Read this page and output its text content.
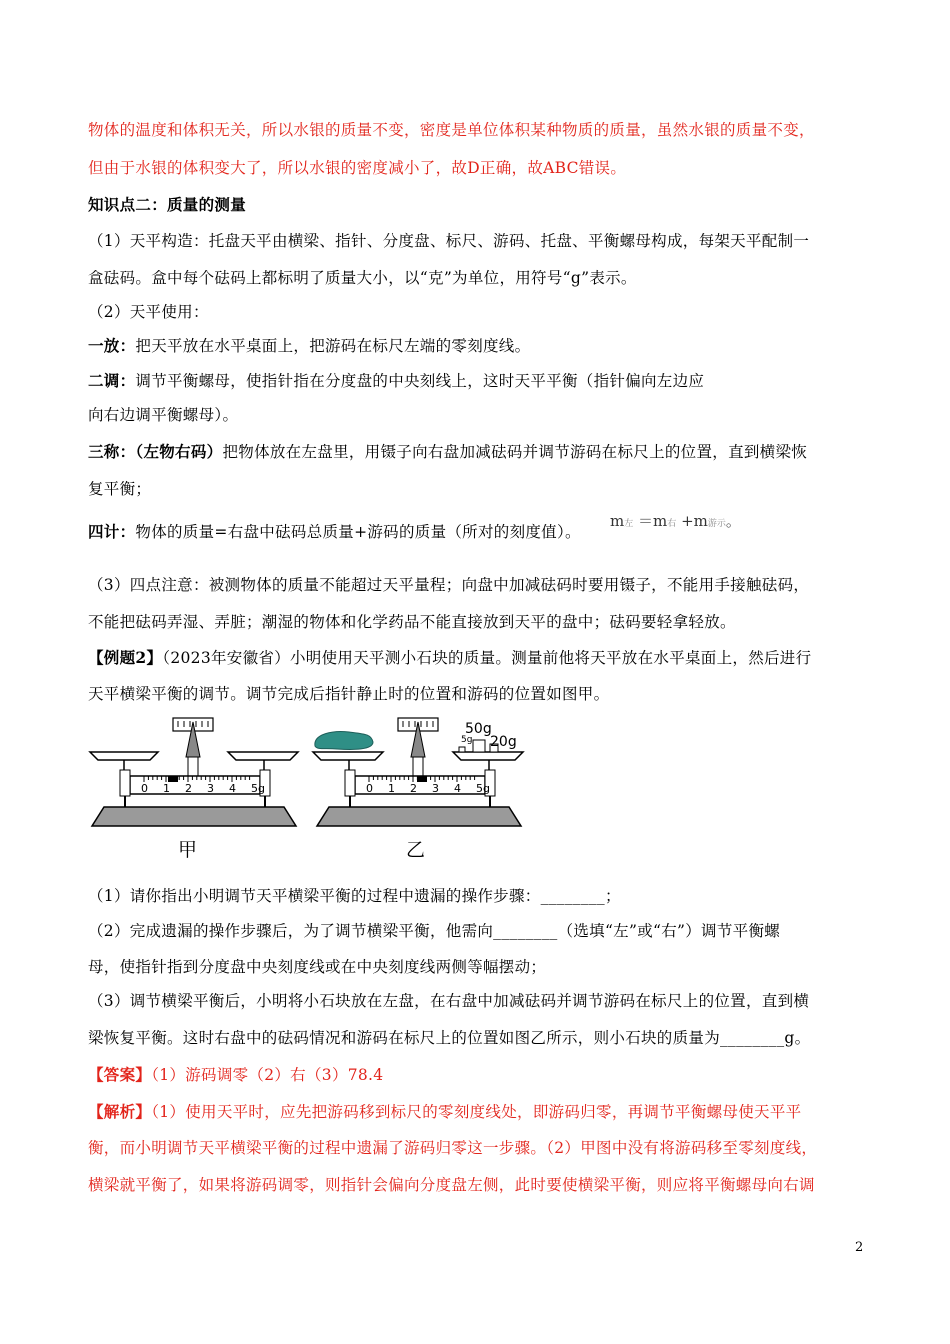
物体的温度和体积无关，所以水银的质量不变，密度是单位体积某种物质的质量，虽然水银的质量不变，
但由于水银的体积变大了，所以水银的密度减小了，故D正确，故ABC错误。
知识点二：质量的测量
（1）天平构造：托盘天平由横梁、指针、分度盘、标尺、游码、托盘、平衡螺母构成，每架天平配制一
盒砝码。盒中每个砝码上都标明了质量大小，以“克”为单位，用符号“g”表示。
（2）天平使用：
一放：把天平放在水平桌面上，把游码在标尺左端的零刻度线。
二调：调节平衡螺母，使指针指在分度盘的中央刻线上，这时天平平衡（指针偏向左边应
向右边调平衡螺母）。
三称：（左物右码）把物体放在左盘里，用镊子向右盘加减砝码并调节游码在标尺上的位置，直到横梁恢
复平衡；
四计：物体的质量=右盘中砝码总质量+游码的质量（所对的刻度值）。
m左 ＝m右 +m游示。
（3）四点注意：被测物体的质量不能超过天平量程；向盘中加减砝码时要用镊子，不能用手接触砝码，
不能把砝码弄湿、弄脏；潮湿的物体和化学药品不能直接放到天平的盘中；砝码要轻拿轻放。
【例题2】（2023年安徽省）小明使用天平测小石块的质量。测量前他将天平放在水平桌面上，然后进行
天平横梁平衡的调节。调节完成后指针静止时的位置和游码的位置如图甲。
0 1 2 3 4 5g	0 1 2 3 4 5g
5g
50g
20g
甲	乙
（1）请你指出小明调节天平横梁平衡的过程中遗漏的操作步骤：________；
（2）完成遗漏的操作步骤后，为了调节横梁平衡，他需向________（选填“左”或“右”）调节平衡螺
母，使指针指到分度盘中央刻度线或在中央刻度线两侧等幅摆动；
（3）调节横梁平衡后，小明将小石块放在左盘，在右盘中加减砝码并调节游码在标尺上的位置，直到横
梁恢复平衡。这时右盘中的砝码情况和游码在标尺上的位置如图乙所示，则小石块的质量为________g。
【答案】（1）游码调零（2）右（3）78.4
【解析】（1）使用天平时，应先把游码移到标尺的零刻度线处，即游码归零，再调节平衡螺母使天平平
衡，而小明调节天平横梁平衡的过程中遗漏了游码归零这一步骤。（2）甲图中没有将游码移至零刻度线，
横梁就平衡了，如果将游码调零，则指针会偏向分度盘左侧，此时要使横梁平衡，则应将平衡螺母向右调
2
